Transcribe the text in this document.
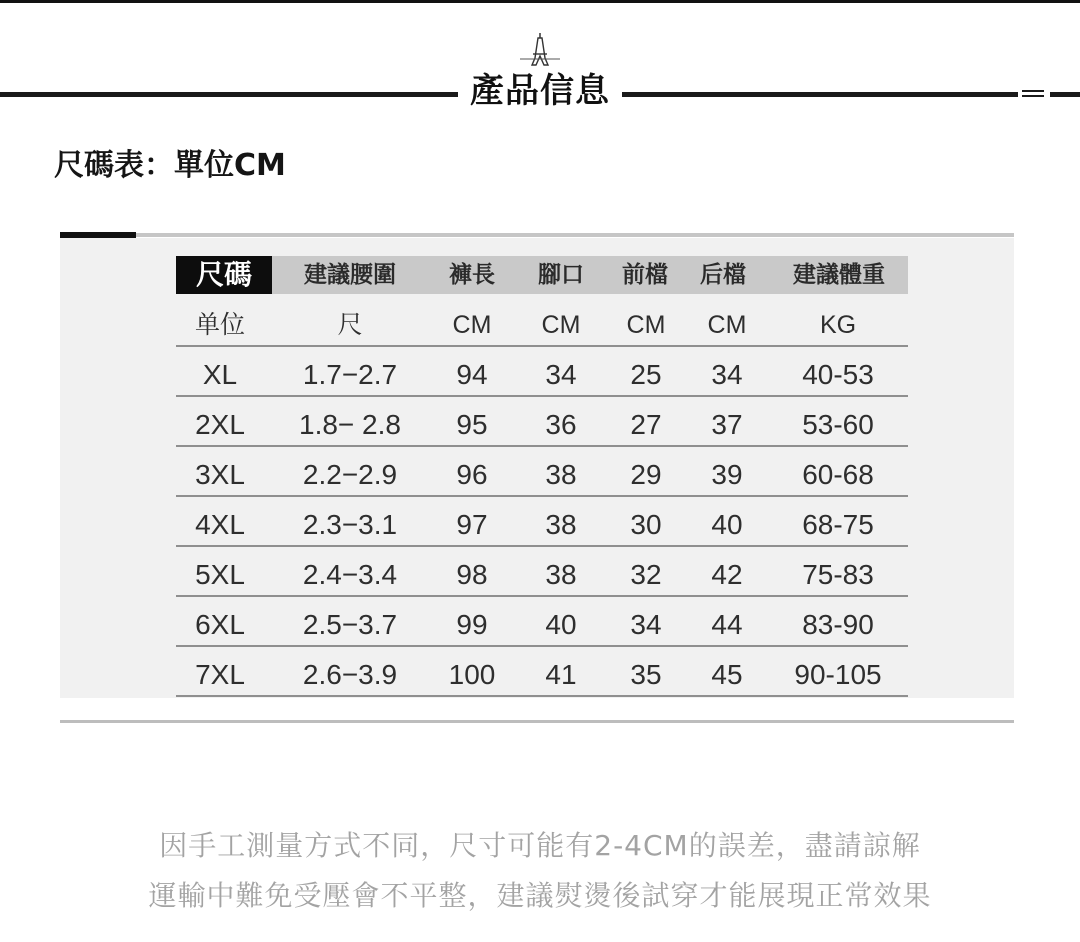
產品信息
尺碼表：單位CM
尺碼	建議腰圍	褲長	腳口	前檔	后檔	建議體重
单位	尺	CM	CM	CM	CM	KG
XL	1.7−2.7	94	34	25	34	40-53
2XL	1.8− 2.8	95	36	27	37	53-60
3XL	2.2−2.9	96	38	29	39	60-68
4XL	2.3−3.1	97	38	30	40	68-75
5XL	2.4−3.4	98	38	32	42	75-83
6XL	2.5−3.7	99	40	34	44	83-90
7XL	2.6−3.9	100	41	35	45	90-105
因手工測量方式不同，尺寸可能有2-4CM的誤差，盡請諒解
運輸中難免受壓會不平整，建議熨燙後試穿才能展現正常效果
